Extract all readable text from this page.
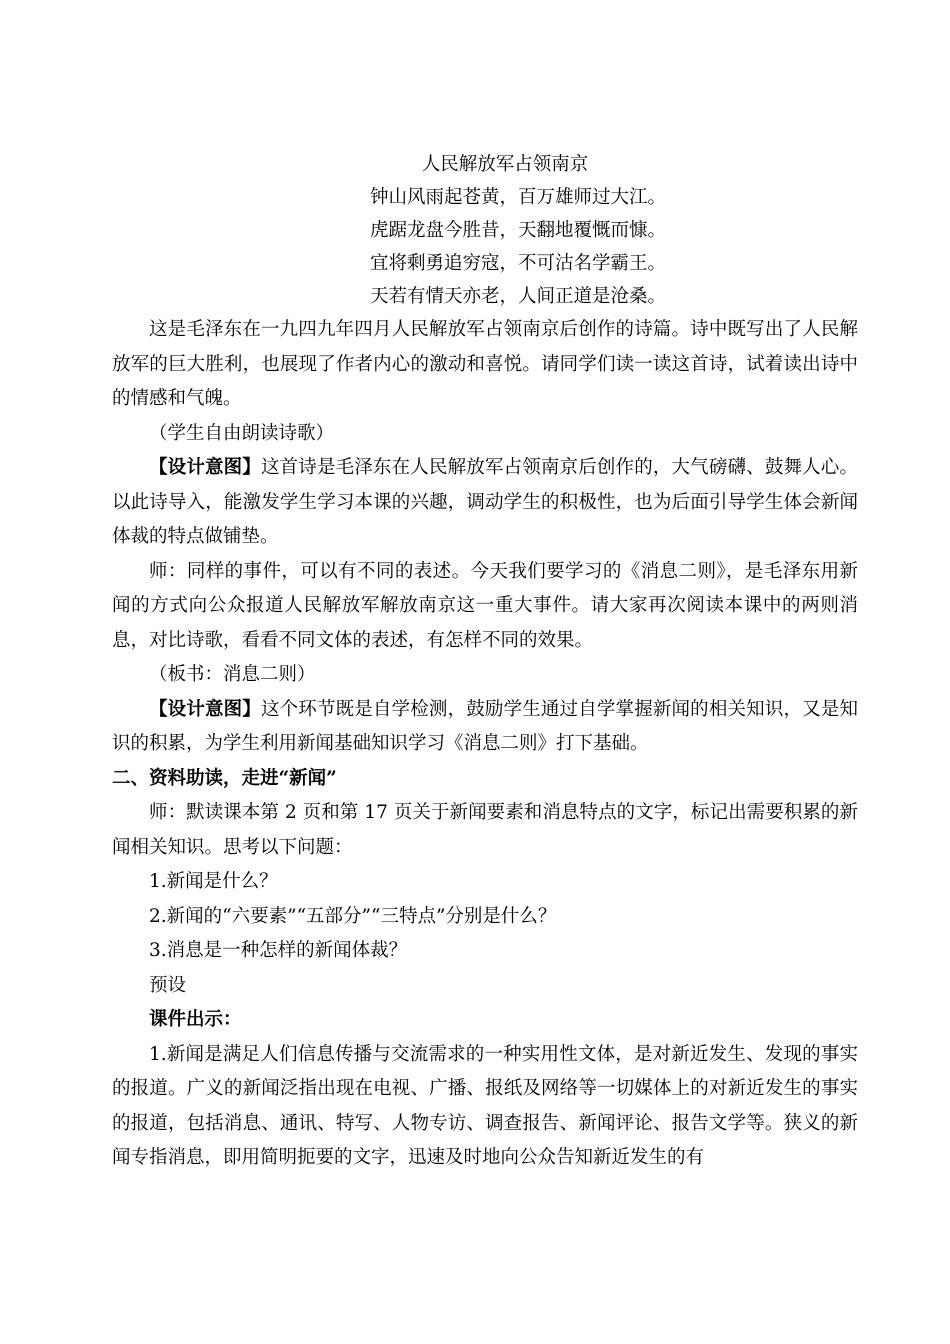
人民解放军占领南京
钟山风雨起苍黄，百万雄师过大江。
虎踞龙盘今胜昔，天翻地覆慨而慷。
宜将剩勇追穷寇，不可沽名学霸王。
天若有情天亦老，人间正道是沧桑。

这是毛泽东在一九四九年四月人民解放军占领南京后创作的诗篇。诗中既写出了人民解放军的巨大胜利，也展现了作者内心的激动和喜悦。请同学们读一读这首诗，试着读出诗中的情感和气魄。

（学生自由朗读诗歌）

【设计意图】这首诗是毛泽东在人民解放军占领南京后创作的，大气磅礴、鼓舞人心。以此诗导入，能激发学生学习本课的兴趣，调动学生的积极性，也为后面引导学生体会新闻体裁的特点做铺垫。

师：同样的事件，可以有不同的表述。今天我们要学习的《消息二则》，是毛泽东用新闻的方式向公众报道人民解放军解放南京这一重大事件。请大家再次阅读本课中的两则消息，对比诗歌，看看不同文体的表述，有怎样不同的效果。

（板书：消息二则）

【设计意图】这个环节既是自学检测，鼓励学生通过自学掌握新闻的相关知识，又是知识的积累，为学生利用新闻基础知识学习《消息二则》打下基础。

二、资料助读，走进“新闻”

师：默读课本第 2 页和第 17 页关于新闻要素和消息特点的文字，标记出需要积累的新闻相关知识。思考以下问题：

1.新闻是什么？

2.新闻的“六要素”“五部分”“三特点”分别是什么？

3.消息是一种怎样的新闻体裁？

预设

课件出示：

1.新闻是满足人们信息传播与交流需求的一种实用性文体，是对新近发生、发现的事实的报道。广义的新闻泛指出现在电视、广播、报纸及网络等一切媒体上的对新近发生的事实的报道，包括消息、通讯、特写、人物专访、调查报告、新闻评论、报告文学等。狭义的新闻专指消息，即用简明扼要的文字，迅速及时地向公众告知新近发生的有
